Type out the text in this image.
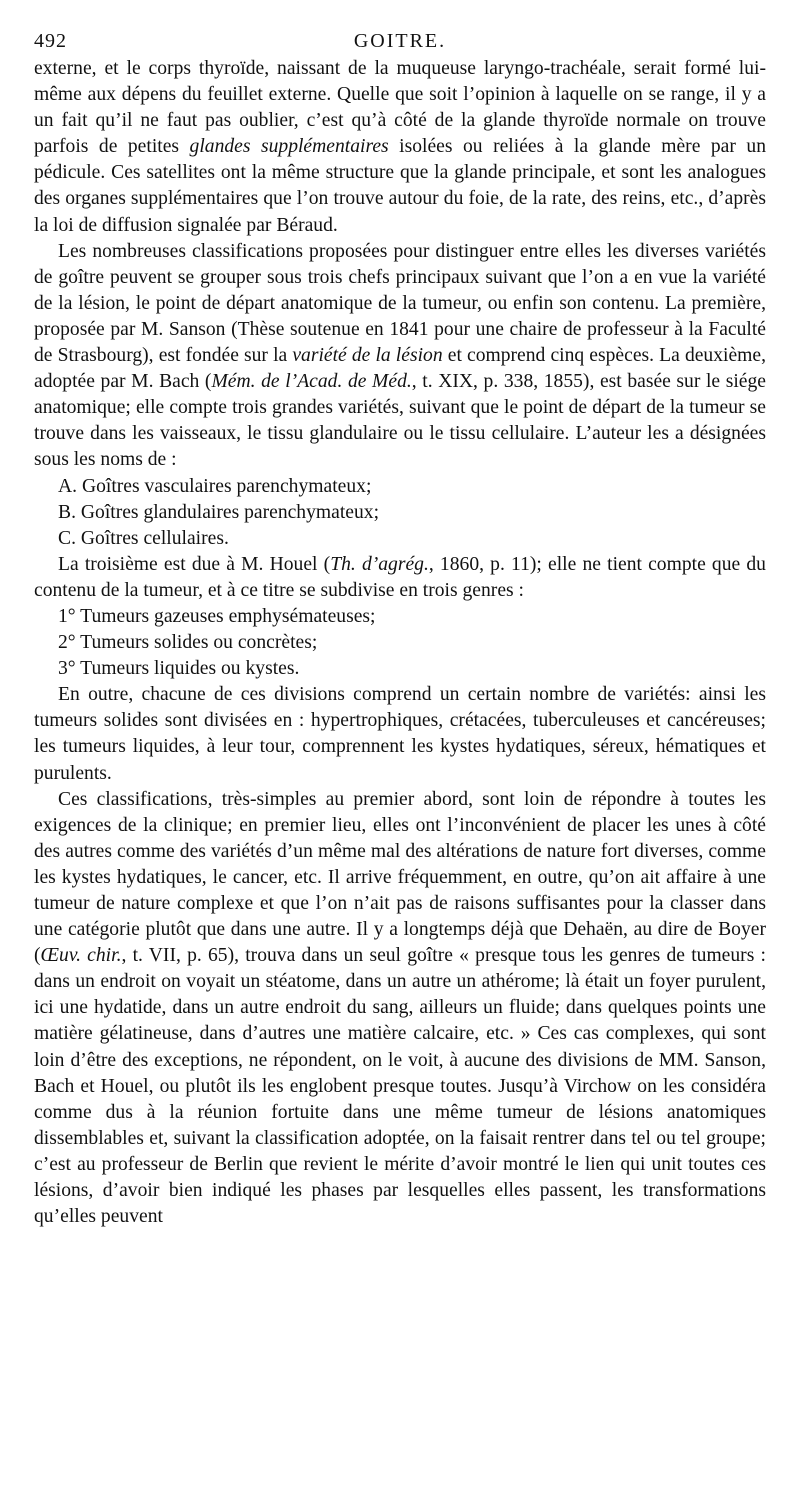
492	GOITRE.

externe, et le corps thyroïde, naissant de la muqueuse laryngo-trachéale, serait formé lui-même aux dépens du feuillet externe. Quelle que soit l’opinion à laquelle on se range, il y a un fait qu’il ne faut pas oublier, c’est qu’à côté de la glande thyroïde normale on trouve parfois de petites glandes supplémentaires isolées ou reliées à la glande mère par un pédicule. Ces satellites ont la même structure que la glande principale, et sont les analogues des organes supplémentaires que l’on trouve autour du foie, de la rate, des reins, etc., d’après la loi de diffusion signalée par Béraud.

Les nombreuses classifications proposées pour distinguer entre elles les diverses variétés de goître peuvent se grouper sous trois chefs principaux suivant que l’on a en vue la variété de la lésion, le point de départ anatomique de la tumeur, ou enfin son contenu. La première, proposée par M. Sanson (Thèse soutenue en 1841 pour une chaire de professeur à la Faculté de Strasbourg), est fondée sur la variété de la lésion et comprend cinq espèces. La deuxième, adoptée par M. Bach (Mém. de l’Acad. de Méd., t. XIX, p. 338, 1855), est basée sur le siége anatomique; elle compte trois grandes variétés, suivant que le point de départ de la tumeur se trouve dans les vaisseaux, le tissu glandulaire ou le tissu cellulaire. L’auteur les a désignées sous les noms de :

A. Goîtres vasculaires parenchymateux;

B. Goîtres glandulaires parenchymateux;

C. Goîtres cellulaires.

La troisième est due à M. Houel (Th. d’agrég., 1860, p. 11); elle ne tient compte que du contenu de la tumeur, et à ce titre se subdivise en trois genres :

1° Tumeurs gazeuses emphysémateuses;

2° Tumeurs solides ou concrètes;

3° Tumeurs liquides ou kystes.

En outre, chacune de ces divisions comprend un certain nombre de variétés: ainsi les tumeurs solides sont divisées en : hypertrophiques, crétacées, tuberculeuses et cancéreuses; les tumeurs liquides, à leur tour, comprennent les kystes hydatiques, séreux, hématiques et purulents.

Ces classifications, très-simples au premier abord, sont loin de répondre à toutes les exigences de la clinique; en premier lieu, elles ont l’inconvénient de placer les unes à côté des autres comme des variétés d’un même mal des altérations de nature fort diverses, comme les kystes hydatiques, le cancer, etc. Il arrive fréquemment, en outre, qu’on ait affaire à une tumeur de nature complexe et que l’on n’ait pas de raisons suffisantes pour la classer dans une catégorie plutôt que dans une autre. Il y a longtemps déjà que Dehaën, au dire de Boyer (Œuv. chir., t. VII, p. 65), trouva dans un seul goître « presque tous les genres de tumeurs : dans un endroit on voyait un stéatome, dans un autre un athérome; là était un foyer purulent, ici une hydatide, dans un autre endroit du sang, ailleurs un fluide; dans quelques points une matière gélatineuse, dans d’autres une matière calcaire, etc. » Ces cas complexes, qui sont loin d’être des exceptions, ne répondent, on le voit, à aucune des divisions de MM. Sanson, Bach et Houel, ou plutôt ils les englobent presque toutes. Jusqu’à Virchow on les considéra comme dus à la réunion fortuite dans une même tumeur de lésions anatomiques dissemblables et, suivant la classification adoptée, on la faisait rentrer dans tel ou tel groupe; c’est au professeur de Berlin que revient le mérite d’avoir montré le lien qui unit toutes ces lésions, d’avoir bien indiqué les phases par lesquelles elles passent, les transformations qu’elles peuvent
